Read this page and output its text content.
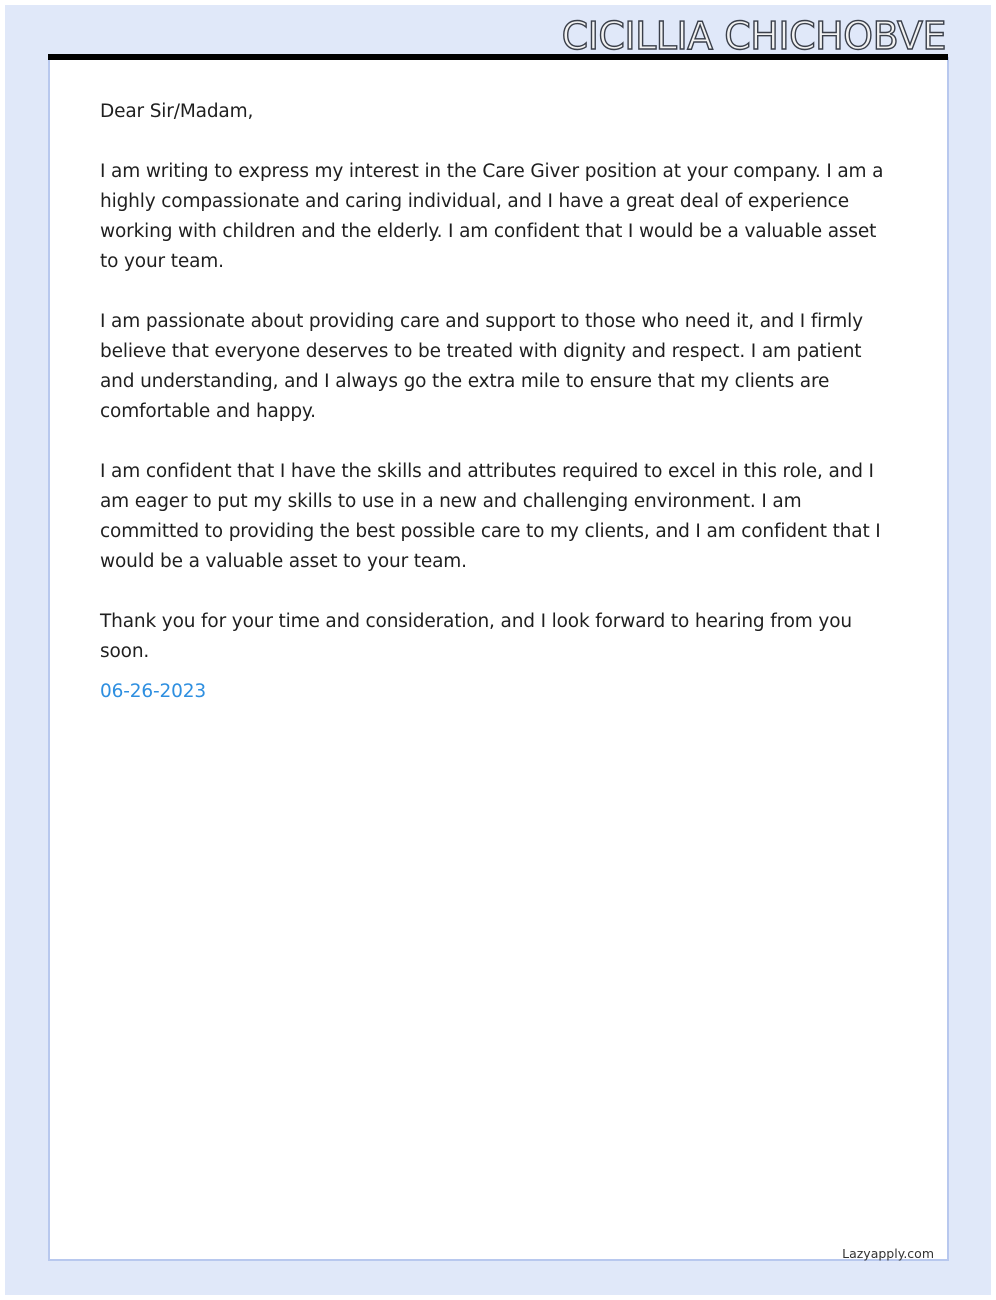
CICILLIA CHICHOBVE

Dear Sir/Madam,

I am writing to express my interest in the Care Giver position at your company. I am a highly compassionate and caring individual, and I have a great deal of experience working with children and the elderly. I am confident that I would be a valuable asset to your team.

I am passionate about providing care and support to those who need it, and I firmly believe that everyone deserves to be treated with dignity and respect. I am patient and understanding, and I always go the extra mile to ensure that my clients are comfortable and happy.

I am confident that I have the skills and attributes required to excel in this role, and I am eager to put my skills to use in a new and challenging environment. I am committed to providing the best possible care to my clients, and I am confident that I would be a valuable asset to your team.

Thank you for your time and consideration, and I look forward to hearing from you soon.

06-26-2023
Lazyapply.com
